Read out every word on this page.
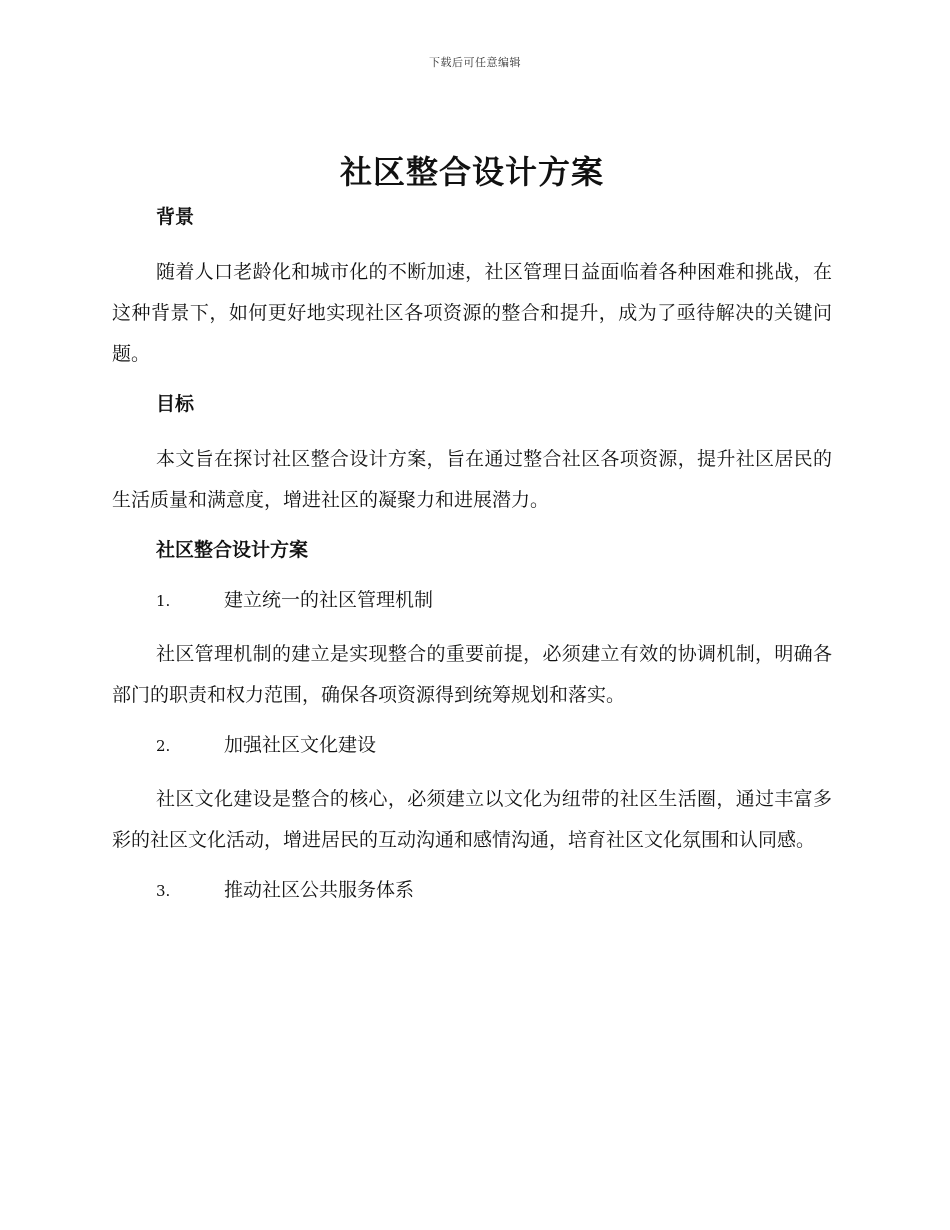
下载后可任意编辑
社区整合设计方案
背景

随着人口老龄化和城市化的不断加速，社区管理日益面临着各种困难和挑战，在这种背景下，如何更好地实现社区各项资源的整合和提升，成为了亟待解决的关键问题。

目标

本文旨在探讨社区整合设计方案，旨在通过整合社区各项资源，提升社区居民的生活质量和满意度，增进社区的凝聚力和进展潜力。

社区整合设计方案
1.	建立统一的社区管理机制

社区管理机制的建立是实现整合的重要前提，必须建立有效的协调机制，明确各部门的职责和权力范围，确保各项资源得到统筹规划和落实。

2.	加强社区文化建设

社区文化建设是整合的核心，必须建立以文化为纽带的社区生活圈，通过丰富多彩的社区文化活动，增进居民的互动沟通和感情沟通，培育社区文化氛围和认同感。

3.	推动社区公共服务体系
